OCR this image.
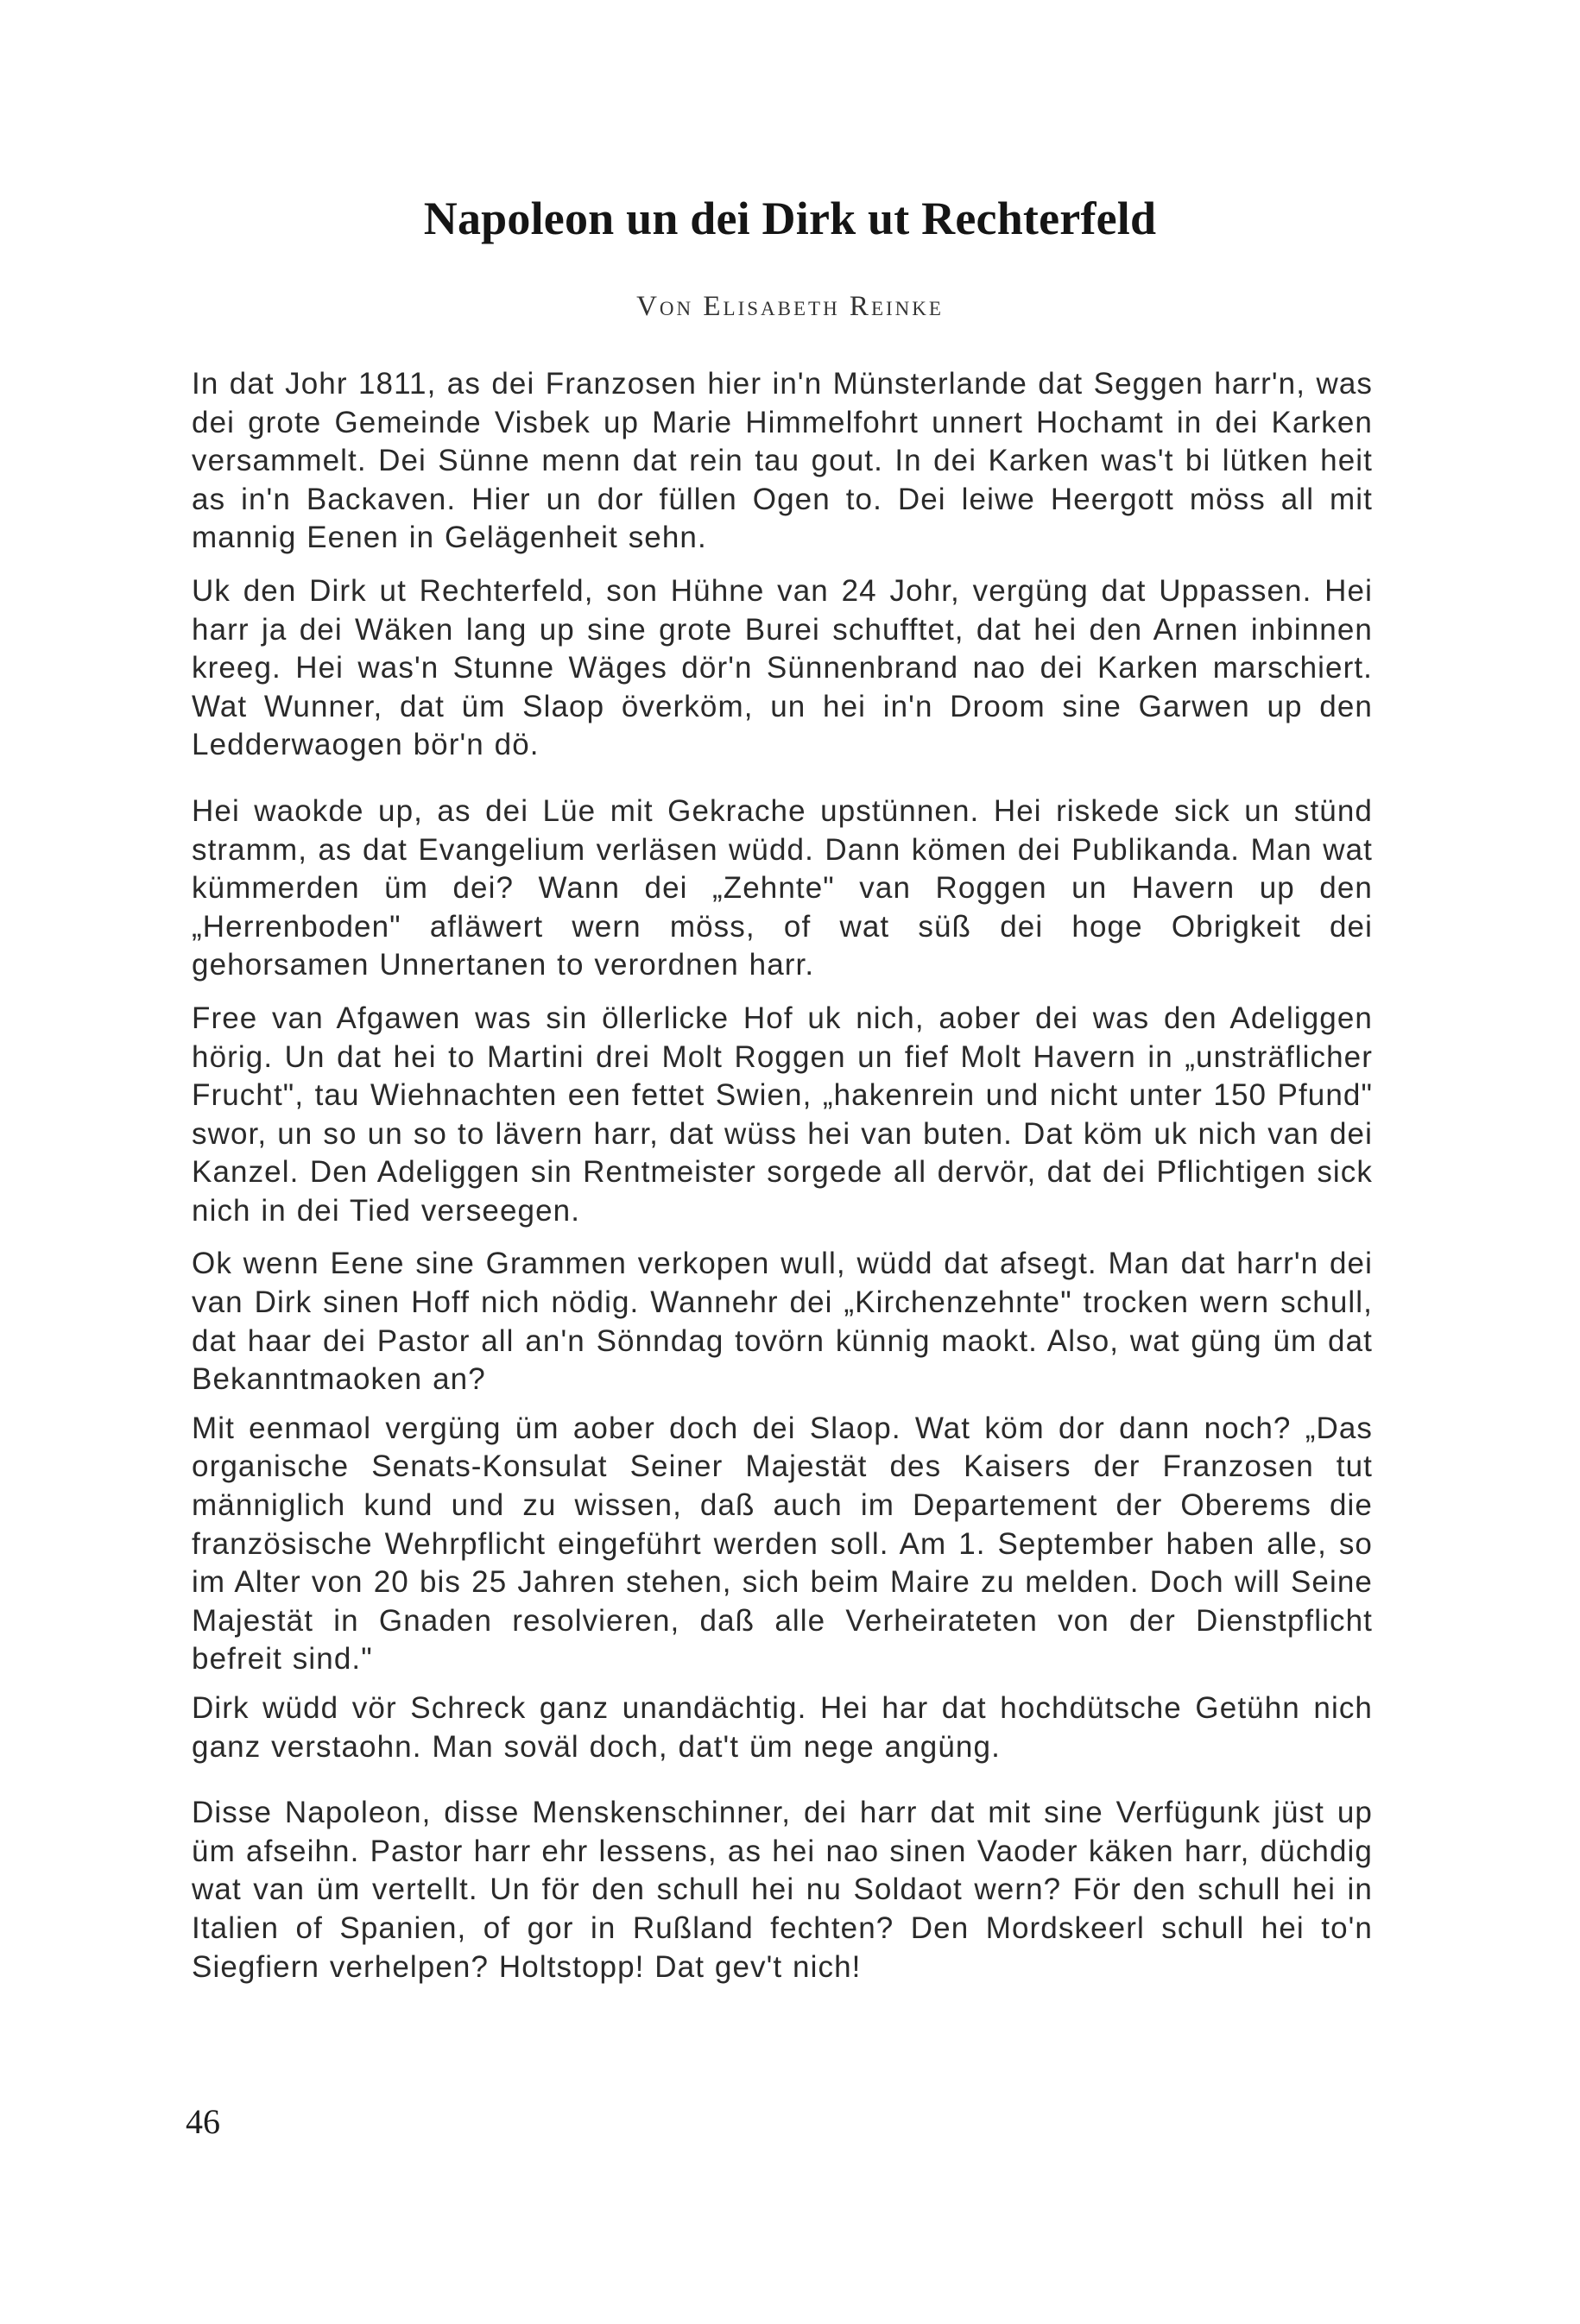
Napoleon un dei Dirk ut Rechterfeld
Von Elisabeth Reinke

In dat Johr 1811, as dei Franzosen hier in'n Münsterlande dat Seggen harr'n, was dei grote Gemeinde Visbek up Marie Himmelfohrt unnert Hochamt in dei Karken versammelt. Dei Sünne menn dat rein tau gout. In dei Karken was't bi lütken heit as in'n Backaven. Hier un dor füllen Ogen to. Dei leiwe Heergott möss all mit mannig Eenen in Gelägenheit sehn.

Uk den Dirk ut Rechterfeld, son Hühne van 24 Johr, vergüng dat Uppassen. Hei harr ja dei Wäken lang up sine grote Burei schufftet, dat hei den Arnen inbinnen kreeg. Hei was'n Stunne Wäges dör'n Sünnenbrand nao dei Karken marschiert. Wat Wunner, dat üm Slaop överköm, un hei in'n Droom sine Garwen up den Ledderwaogen bör'n dö.

Hei waokde up, as dei Lüe mit Gekrache upstünnen. Hei riskede sick un stünd stramm, as dat Evangelium verläsen wüdd. Dann kömen dei Publikanda. Man wat kümmerden üm dei? Wann dei „Zehnte" van Roggen un Havern up den „Herrenboden" afläwert wern möss, of wat süß dei hoge Obrigkeit dei gehorsamen Unnertanen to verordnen harr.

Free van Afgawen was sin öllerlicke Hof uk nich, aober dei was den Adeliggen hörig. Un dat hei to Martini drei Molt Roggen un fief Molt Havern in „unsträflicher Frucht", tau Wiehnachten een fettet Swien, „hakenrein und nicht unter 150 Pfund" swor, un so un so to lävern harr, dat wüss hei van buten. Dat köm uk nich van dei Kanzel. Den Adeliggen sin Rentmeister sorgede all dervör, dat dei Pflichtigen sick nich in dei Tied verseegen.

Ok wenn Eene sine Grammen verkopen wull, wüdd dat afsegt. Man dat harr'n dei van Dirk sinen Hoff nich nödig. Wannehr dei „Kirchenzehnte" trocken wern schull, dat haar dei Pastor all an'n Sönndag tovörn künnig maokt. Also, wat güng üm dat Bekanntmaoken an?

Mit eenmaol vergüng üm aober doch dei Slaop. Wat köm dor dann noch? „Das organische Senats-Konsulat Seiner Majestät des Kaisers der Franzosen tut männiglich kund und zu wissen, daß auch im Departement der Oberems die französische Wehrpflicht eingeführt werden soll. Am 1. September haben alle, so im Alter von 20 bis 25 Jahren stehen, sich beim Maire zu melden. Doch will Seine Majestät in Gnaden resolvieren, daß alle Verheirateten von der Dienstpflicht befreit sind."

Dirk wüdd vör Schreck ganz unandächtig. Hei har dat hochdütsche Getühn nich ganz verstaohn. Man soväl doch, dat't üm nege angüng.

Disse Napoleon, disse Menskenschinner, dei harr dat mit sine Verfügunk jüst up üm afseihn. Pastor harr ehr lessens, as hei nao sinen Vaoder käken harr, düchdig wat van üm vertellt. Un för den schull hei nu Soldaot wern? För den schull hei in Italien of Spanien, of gor in Rußland fechten? Den Mordskeerl schull hei to'n Siegfiern verhelpen? Holtstopp! Dat gev't nich!

46
